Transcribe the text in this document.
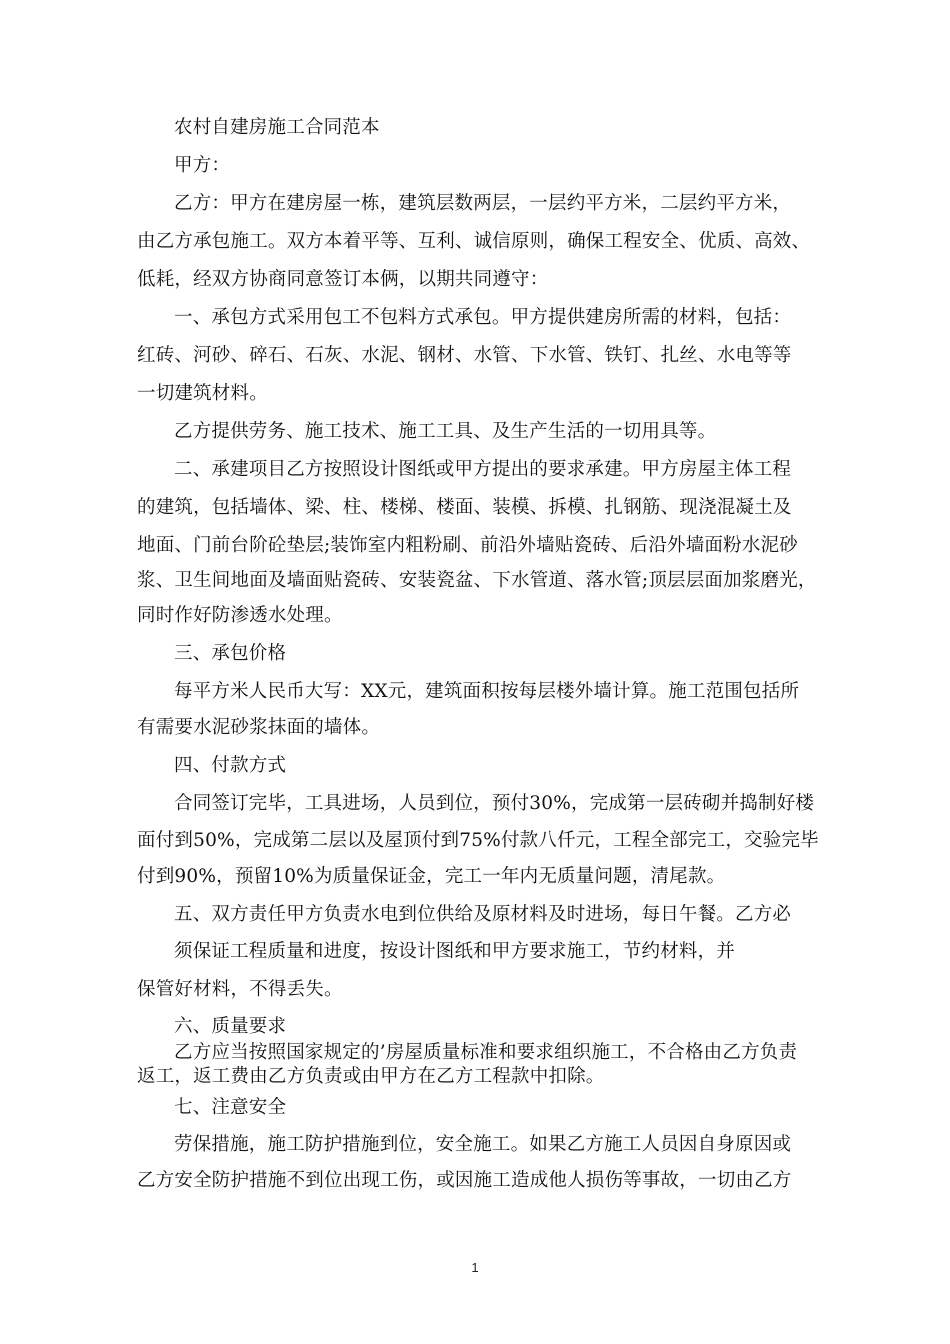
农村自建房施工合同范本
甲方：
乙方：甲方在建房屋一栋，建筑层数两层，一层约平方米，二层约平方米，
由乙方承包施工。双方本着平等、互利、诚信原则，确保工程安全、优质、高效、
低耗，经双方协商同意签订本俩，以期共同遵守：
一、承包方式采用包工不包料方式承包。甲方提供建房所需的材料，包括：
红砖、河砂、碎石、石灰、水泥、钢材、水管、下水管、铁钉、扎丝、水电等等
一切建筑材料。
乙方提供劳务、施工技术、施工工具、及生产生活的一切用具等。
二、承建项目乙方按照设计图纸或甲方提出的要求承建。甲方房屋主体工程
的建筑，包括墙体、梁、柱、楼梯、楼面、装模、拆模、扎钢筋、现浇混凝土及
地面、门前台阶砼垫层;装饰室内粗粉刷、前沿外墙贴瓷砖、后沿外墙面粉水泥砂
浆、卫生间地面及墙面贴瓷砖、安装瓷盆、下水管道、落水管;顶层层面加浆磨光，
同时作好防渗透水处理。
三、承包价格
每平方米人民币大写：XX元，建筑面积按每层楼外墙计算。施工范围包括所
有需要水泥砂浆抹面的墙体。
四、付款方式
合同签订完毕，工具进场，人员到位，预付30%，完成第一层砖砌并捣制好楼
面付到50%，完成第二层以及屋顶付到75%付款八仟元，工程全部完工，交验完毕
付到90%，预留10%为质量保证金，完工一年内无质量问题，清尾款。
五、双方责任甲方负责水电到位供给及原材料及时进场，每日午餐。乙方必
须保证工程质量和进度，按设计图纸和甲方要求施工，节约材料，并
保管好材料，不得丢失。
六、质量要求
乙方应当按照国家规定的’房屋质量标准和要求组织施工，不合格由乙方负责
返工，返工费由乙方负责或由甲方在乙方工程款中扣除。
七、注意安全
劳保措施，施工防护措施到位，安全施工。如果乙方施工人员因自身原因或
乙方安全防护措施不到位出现工伤，或因施工造成他人损伤等事故，一切由乙方
1
